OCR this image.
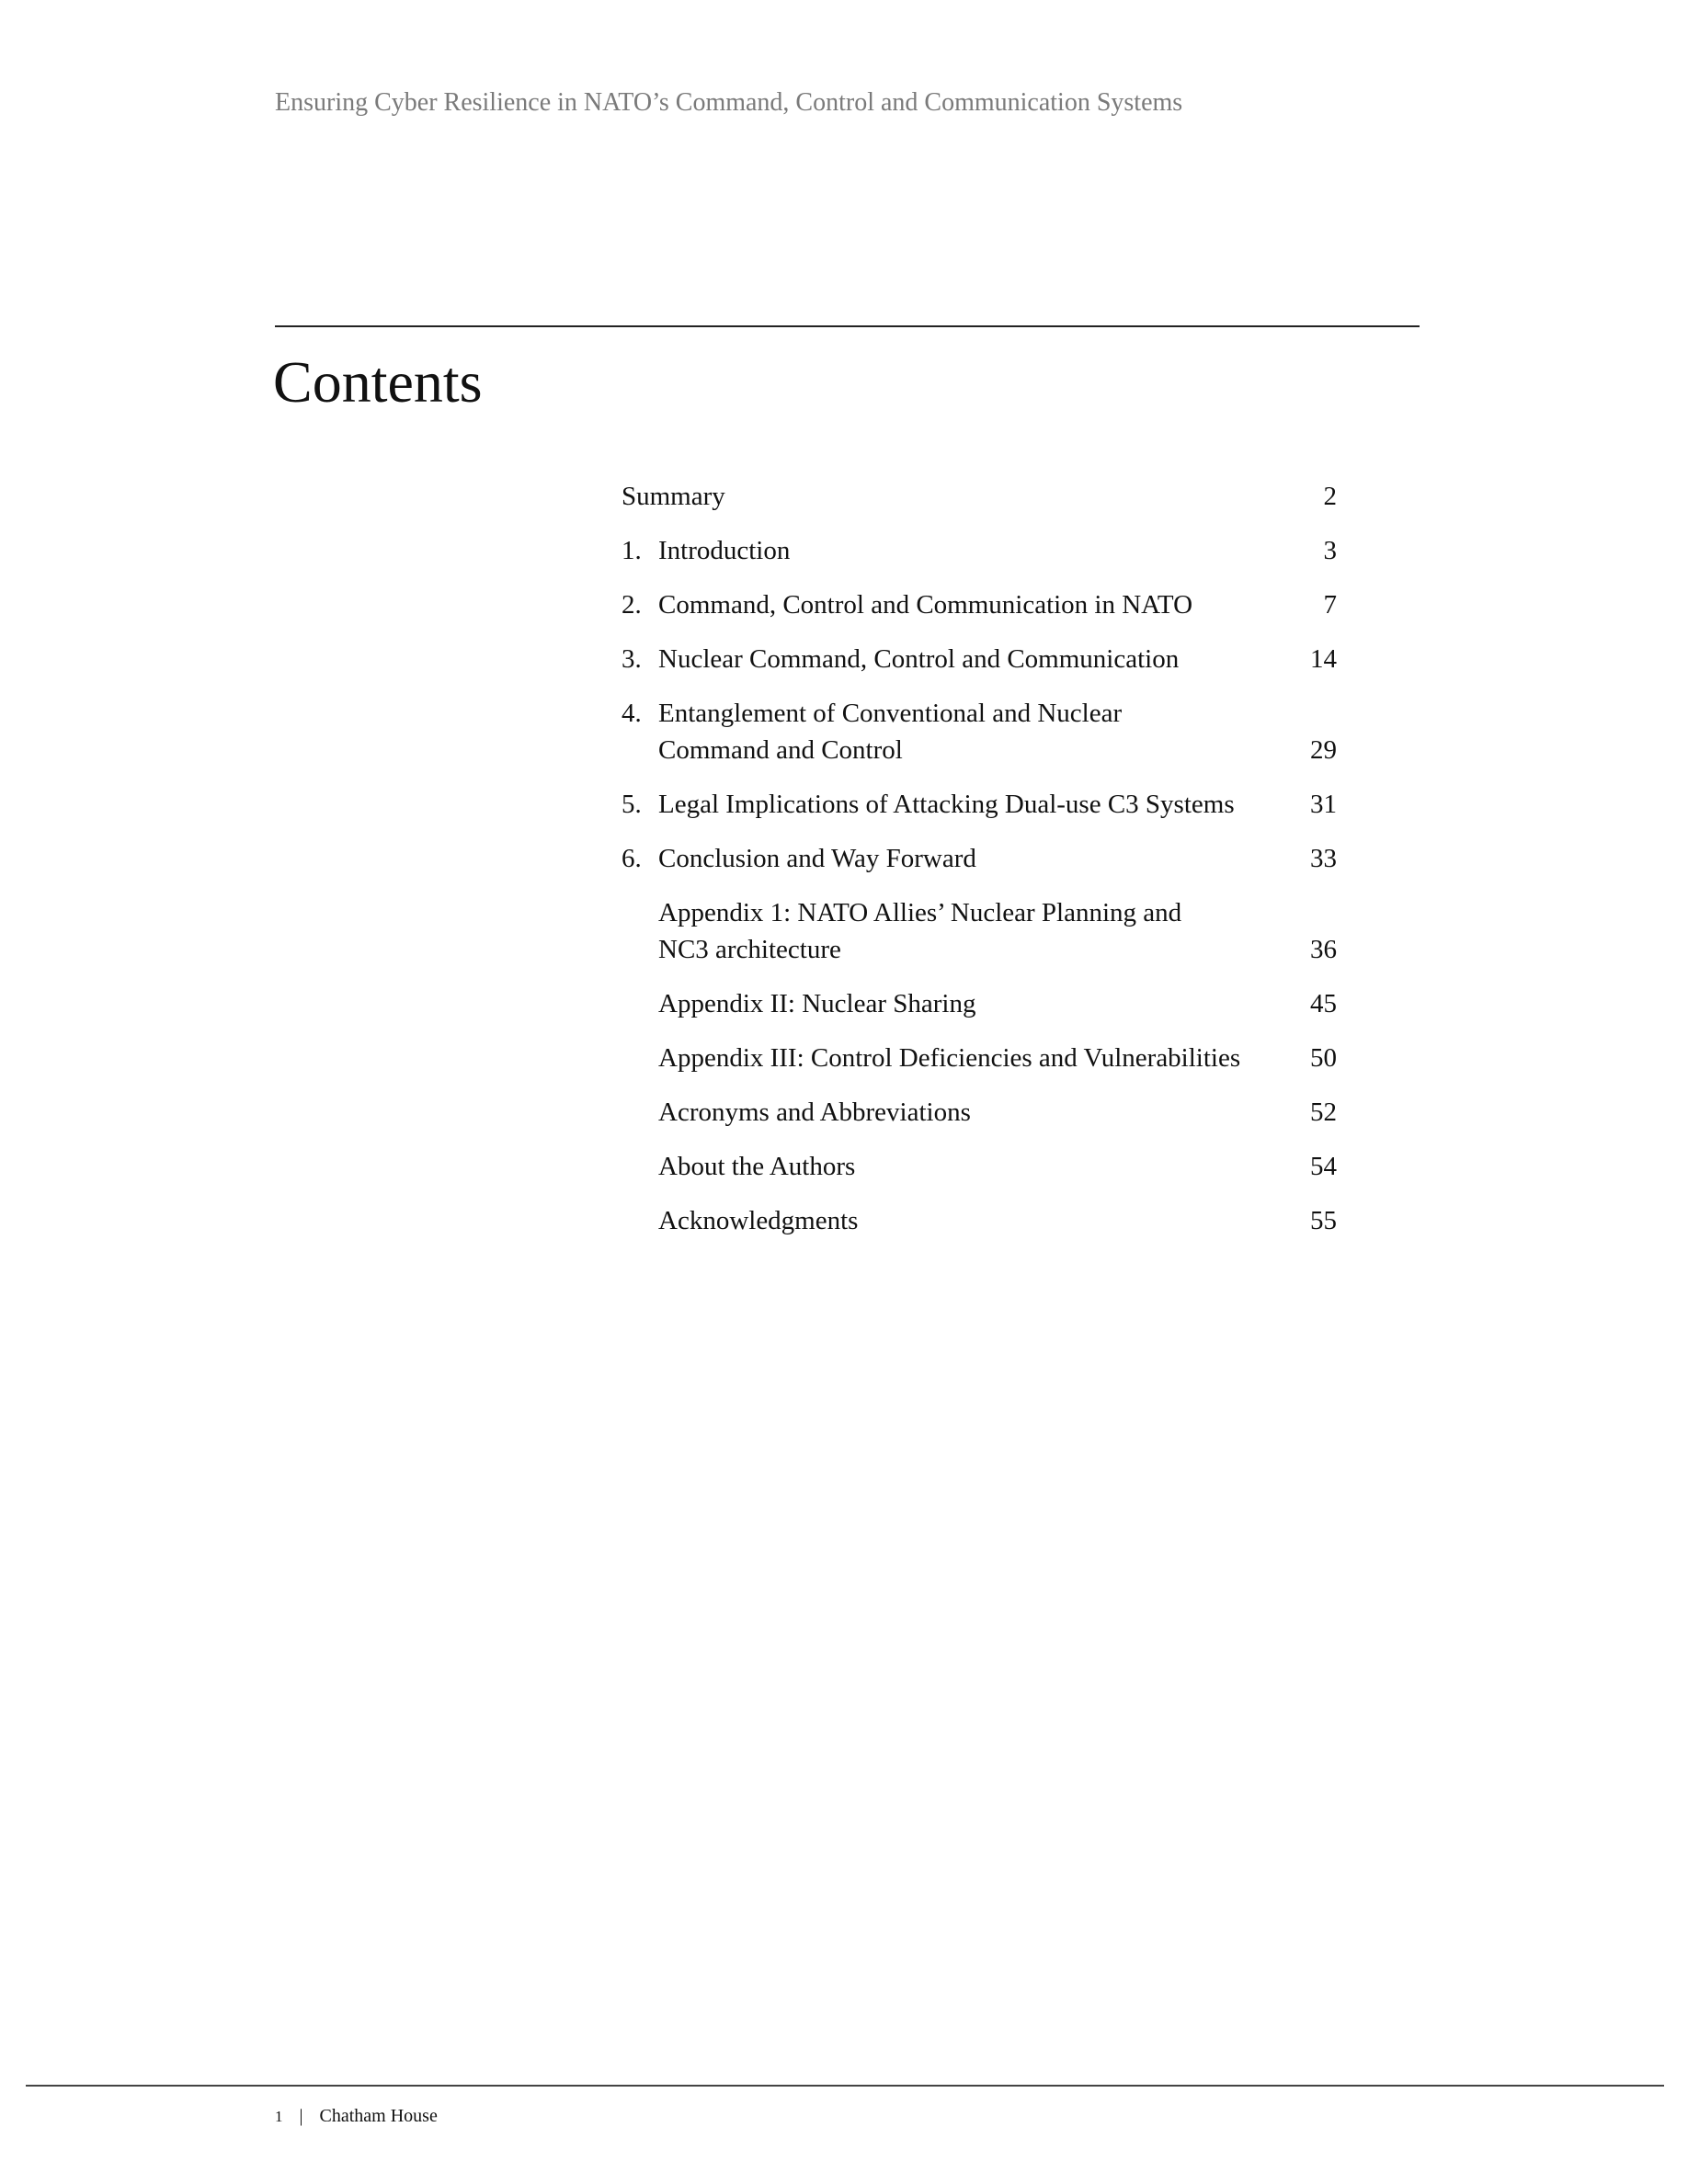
Ensuring Cyber Resilience in NATO’s Command, Control and Communication Systems
Contents
Summary	2
1. Introduction	3
2. Command, Control and Communication in NATO	7
3. Nuclear Command, Control and Communication	14
4. Entanglement of Conventional and Nuclear
Command and Control	29
5. Legal Implications of Attacking Dual-use C3 Systems	31
6. Conclusion and Way Forward	33
Appendix 1: NATO Allies’ Nuclear Planning and
NC3 architecture	36
Appendix II: Nuclear Sharing	45
Appendix III: Control Deficiencies and Vulnerabilities	50
Acronyms and Abbreviations	52
About the Authors	54
Acknowledgments	55
1 | Chatham House
